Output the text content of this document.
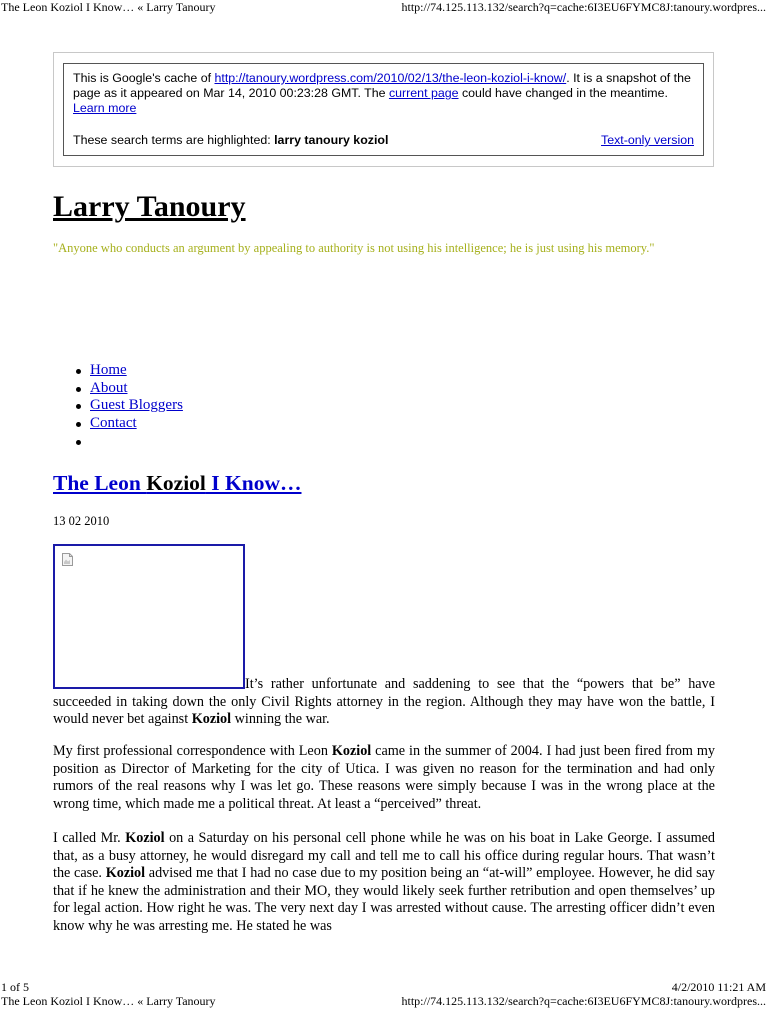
The Leon Koziol I Know… « Larry Tanoury	http://74.125.113.132/search?q=cache:6I3EU6FYMC8J:tanoury.wordpres...
This is Google's cache of http://tanoury.wordpress.com/2010/02/13/the-leon-koziol-i-know/. It is a snapshot of the page as it appeared on Mar 14, 2010 00:23:28 GMT. The current page could have changed in the meantime.
Learn more
These search terms are highlighted: larry tanoury koziol	Text-only version
Larry Tanoury
"Anyone who conducts an argument by appealing to authority is not using his intelligence; he is just using his memory."
Home
About
Guest Bloggers
Contact
The Leon Koziol I Know…
13 02 2010
It’s rather unfortunate and saddening to see that the “powers that be” have succeeded in taking down the only Civil Rights attorney in the region. Although they may have won the battle, I would never bet against Koziol winning the war.
My first professional correspondence with Leon Koziol came in the summer of 2004. I had just been fired from my position as Director of Marketing for the city of Utica. I was given no reason for the termination and had only rumors of the real reasons why I was let go. These reasons were simply because I was in the wrong place at the wrong time, which made me a political threat. At least a “perceived” threat.
I called Mr. Koziol on a Saturday on his personal cell phone while he was on his boat in Lake George. I assumed that, as a busy attorney, he would disregard my call and tell me to call his office during regular hours. That wasn’t the case. Koziol advised me that I had no case due to my position being an “at-will” employee. However, he did say that if he knew the administration and their MO, they would likely seek further retribution and open themselves’ up for legal action. How right he was. The very next day I was arrested without cause. The arresting officer didn’t even know why he was arresting me. He stated he was
1 of 5	4/2/2010 11:21 AM
The Leon Koziol I Know… « Larry Tanoury	http://74.125.113.132/search?q=cache:6I3EU6FYMC8J:tanoury.wordpres...
